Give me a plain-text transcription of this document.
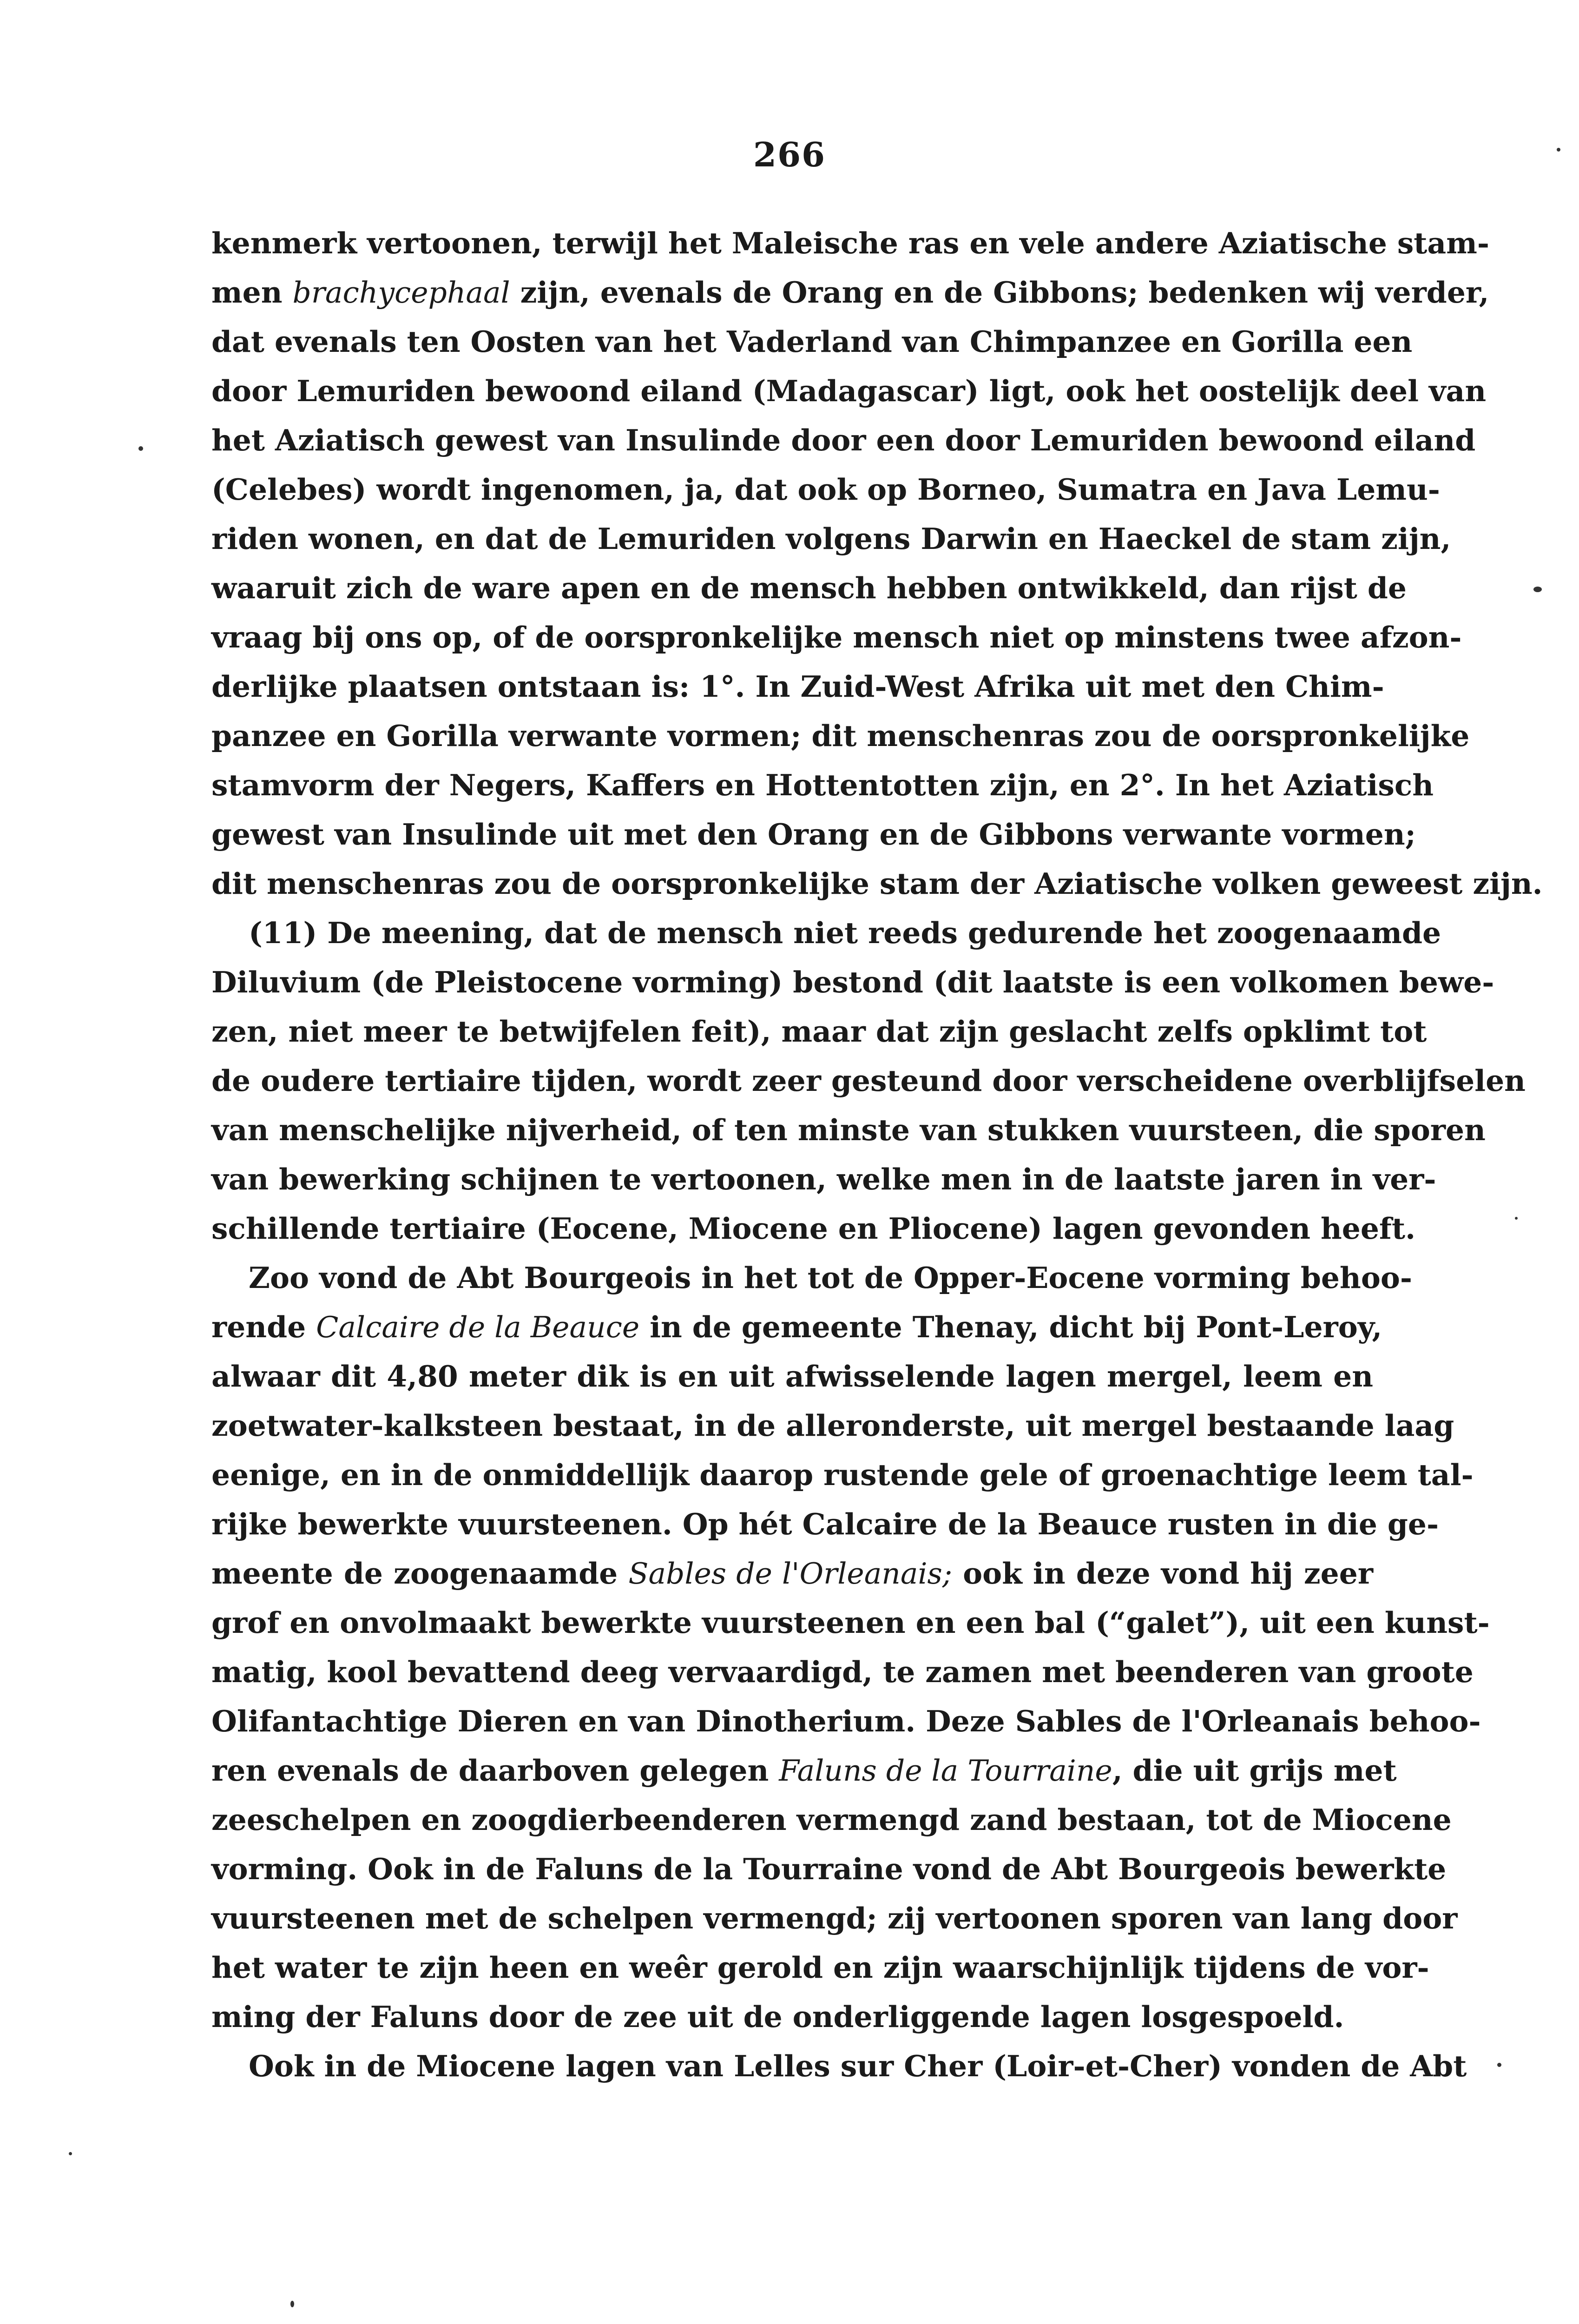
266
kenmerk vertoonen, terwijl het Maleische ras en vele andere Aziatische stam-
men brachycephaal zijn, evenals de Orang en de Gibbons; bedenken wij verder,
dat evenals ten Oosten van het Vaderland van Chimpanzee en Gorilla een
door Lemuriden bewoond eiland (Madagascar) ligt, ook het oostelijk deel van
het Aziatisch gewest van Insulinde door een door Lemuriden bewoond eiland
(Celebes) wordt ingenomen, ja, dat ook op Borneo, Sumatra en Java Lemu-
riden wonen, en dat de Lemuriden volgens Darwin en Haeckel de stam zijn,
waaruit zich de ware apen en de mensch hebben ontwikkeld, dan rijst de
vraag bij ons op, of de oorspronkelijke mensch niet op minstens twee afzon-
derlijke plaatsen ontstaan is: 1°. In Zuid-West Afrika uit met den Chim-
panzee en Gorilla verwante vormen; dit menschenras zou de oorspronkelijke
stamvorm der Negers, Kaffers en Hottentotten zijn, en 2°. In het Aziatisch
gewest van Insulinde uit met den Orang en de Gibbons verwante vormen;
dit menschenras zou de oorspronkelijke stam der Aziatische volken geweest zijn.
(11) De meening, dat de mensch niet reeds gedurende het zoogenaamde
Diluvium (de Pleistocene vorming) bestond (dit laatste is een volkomen bewe-
zen, niet meer te betwijfelen feit), maar dat zijn geslacht zelfs opklimt tot
de oudere tertiaire tijden, wordt zeer gesteund door verscheidene overblijfselen
van menschelijke nijverheid, of ten minste van stukken vuursteen, die sporen
van bewerking schijnen te vertoonen, welke men in de laatste jaren in ver-
schillende tertiaire (Eocene, Miocene en Pliocene) lagen gevonden heeft.
Zoo vond de Abt Bourgeois in het tot de Opper-Eocene vorming behoo-
rende Calcaire de la Beauce in de gemeente Thenay, dicht bij Pont-Leroy,
alwaar dit 4,80 meter dik is en uit afwisselende lagen mergel, leem en
zoetwater-kalksteen bestaat, in de alleronderste, uit mergel bestaande laag
eenige, en in de onmiddellijk daarop rustende gele of groenachtige leem tal-
rijke bewerkte vuursteenen. Op hét Calcaire de la Beauce rusten in die ge-
meente de zoogenaamde Sables de l'Orleanais; ook in deze vond hij zeer
grof en onvolmaakt bewerkte vuursteenen en een bal (“galet”), uit een kunst-
matig, kool bevattend deeg vervaardigd, te zamen met beenderen van groote
Olifantachtige Dieren en van Dinotherium. Deze Sables de l'Orleanais behoo-
ren evenals de daarboven gelegen Faluns de la Tourraine, die uit grijs met
zeeschelpen en zoogdierbeenderen vermengd zand bestaan, tot de Miocene
vorming. Ook in de Faluns de la Tourraine vond de Abt Bourgeois bewerkte
vuursteenen met de schelpen vermengd; zij vertoonen sporen van lang door
het water te zijn heen en weêr gerold en zijn waarschijnlijk tijdens de vor-
ming der Faluns door de zee uit de onderliggende lagen losgespoeld.
Ook in de Miocene lagen van Lelles sur Cher (Loir-et-Cher) vonden de Abt
